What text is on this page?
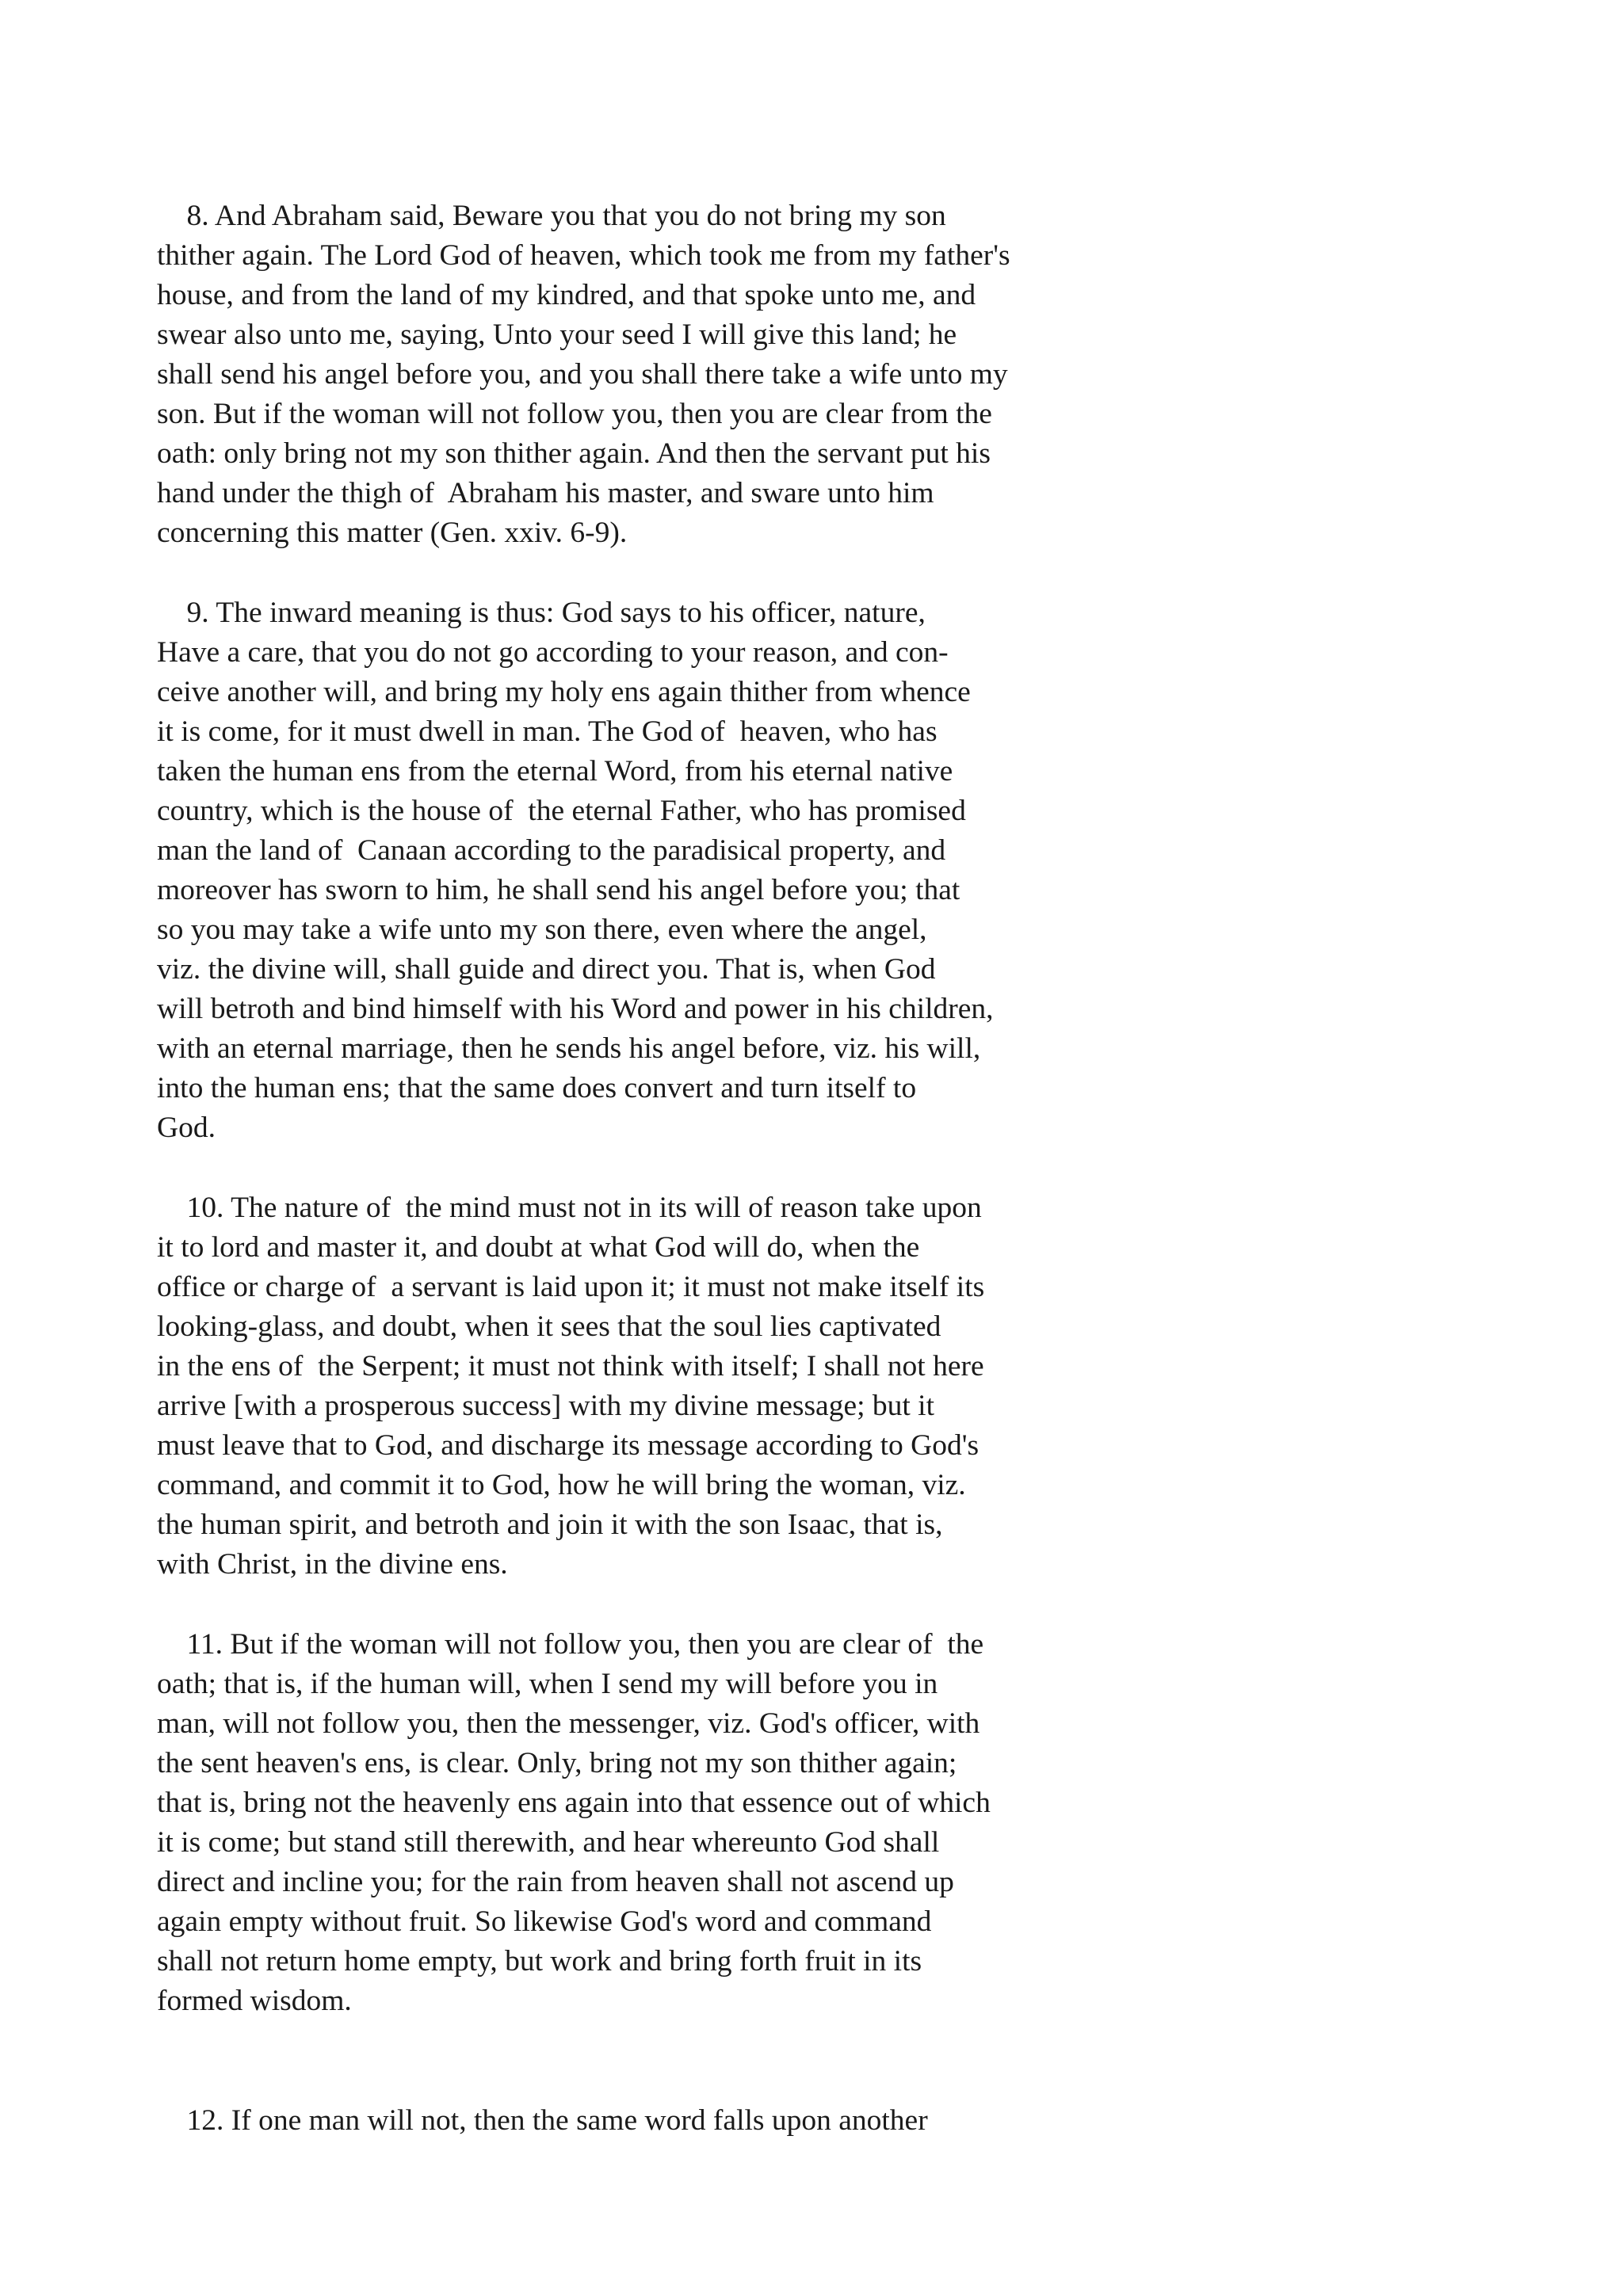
8. And Abraham said, Beware you that you do not bring my son

thither again. The Lord God of heaven, which took me from my father's

house, and from the land of my kindred, and that spoke unto me, and

swear also unto me, saying, Unto your seed I will give this land; he

shall send his angel before you, and you shall there take a wife unto my

son. But if the woman will not follow you, then you are clear from the

oath: only bring not my son thither again. And then the servant put his

hand under the thigh of  Abraham his master, and sware unto him

concerning this matter (Gen. xxiv. 6-9).

9. The inward meaning is thus: God says to his officer, nature,

Have a care, that you do not go according to your reason, and con-

ceive another will, and bring my holy ens again thither from whence

it is come, for it must dwell in man. The God of  heaven, who has

taken the human ens from the eternal Word, from his eternal native

country, which is the house of  the eternal Father, who has promised

man the land of  Canaan according to the paradisical property, and

moreover has sworn to him, he shall send his angel before you; that

so you may take a wife unto my son there, even where the angel,

viz. the divine will, shall guide and direct you. That is, when God

will betroth and bind himself with his Word and power in his children,

with an eternal marriage, then he sends his angel before, viz. his will,

into the human ens; that the same does convert and turn itself to

God.

10. The nature of  the mind must not in its will of reason take upon

it to lord and master it, and doubt at what God will do, when the

office or charge of  a servant is laid upon it; it must not make itself its

looking-glass, and doubt, when it sees that the soul lies captivated

in the ens of  the Serpent; it must not think with itself; I shall not here

arrive [with a prosperous success] with my divine message; but it

must leave that to God, and discharge its message according to God's

command, and commit it to God, how he will bring the woman, viz.

the human spirit, and betroth and join it with the son Isaac, that is,

with Christ, in the divine ens.

11. But if the woman will not follow you, then you are clear of  the

oath; that is, if the human will, when I send my will before you in

man, will not follow you, then the messenger, viz. God's officer, with

the sent heaven's ens, is clear. Only, bring not my son thither again;

that is, bring not the heavenly ens again into that essence out of which

it is come; but stand still therewith, and hear whereunto God shall

direct and incline you; for the rain from heaven shall not ascend up

again empty without fruit. So likewise God's word and command

shall not return home empty, but work and bring forth fruit in its

formed wisdom.

12. If one man will not, then the same word falls upon another
